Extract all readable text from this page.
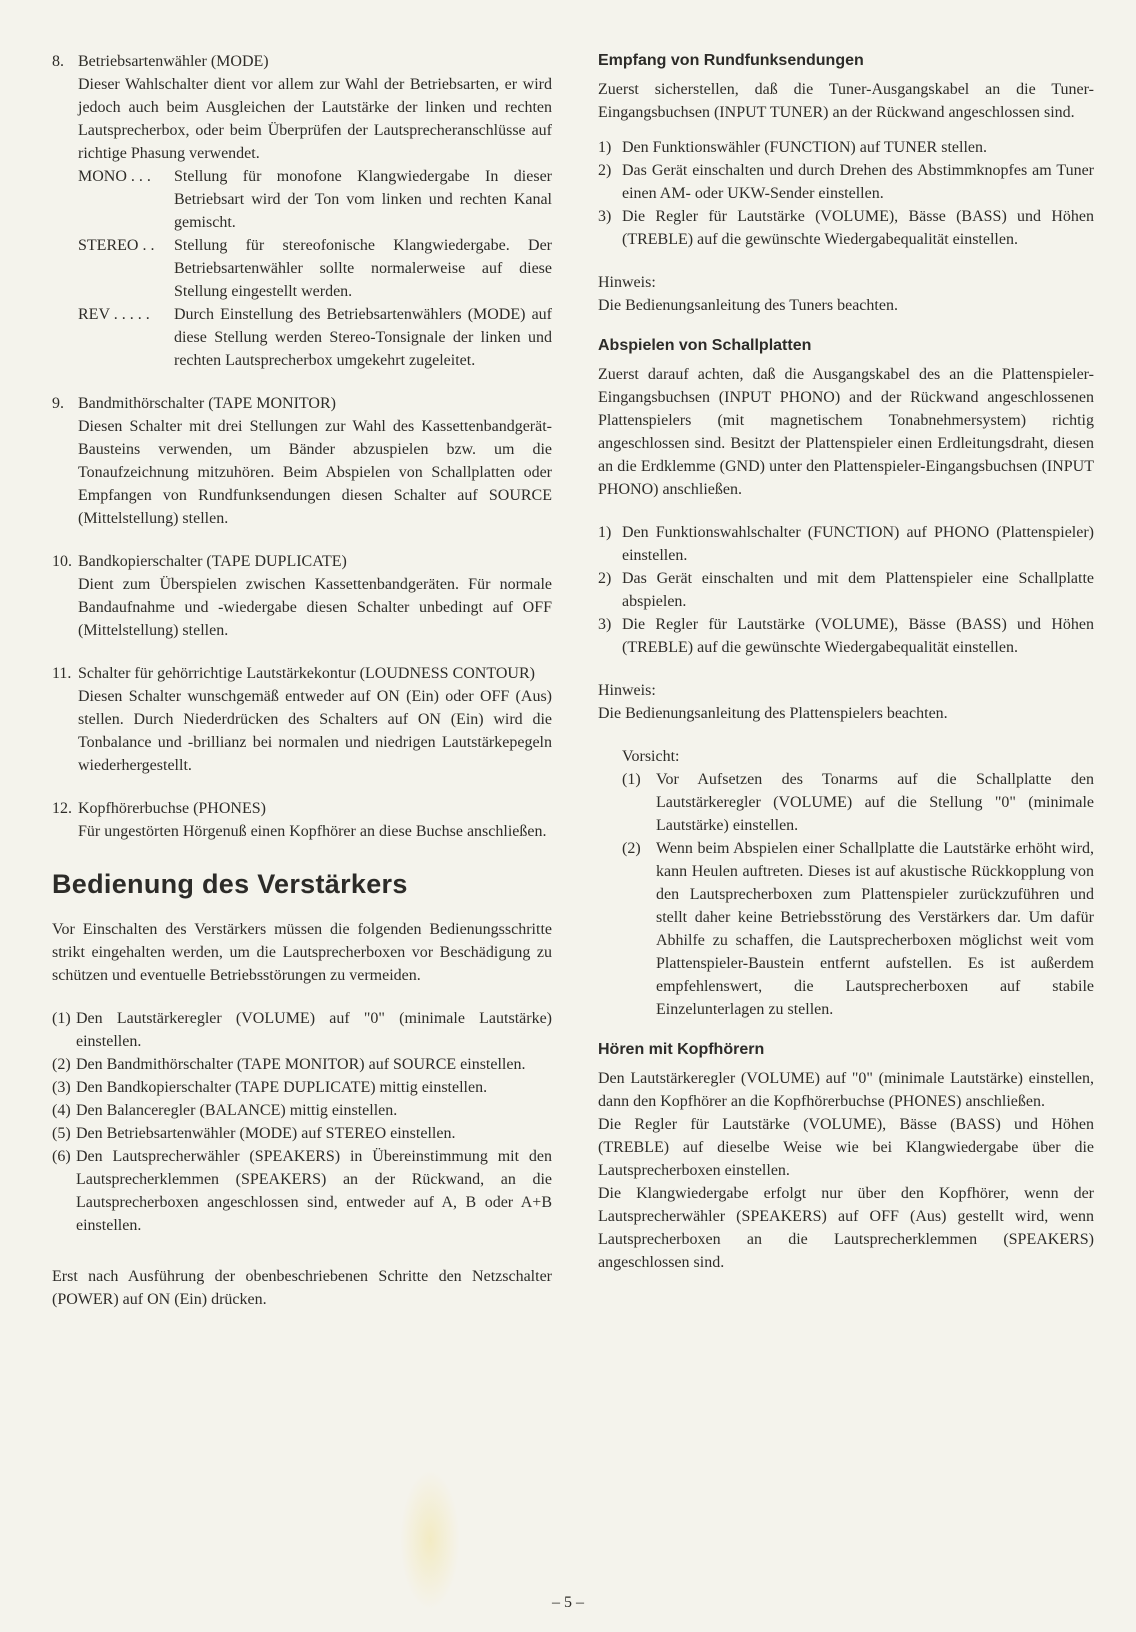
8. Betriebsartenwähler (MODE)
Dieser Wahlschalter dient vor allem zur Wahl der Betriebsarten, er wird jedoch auch beim Ausgleichen der Lautstärke der linken und rechten Lautsprecherbox, oder beim Überprüfen der Lautsprecheranschlüsse auf richtige Phasung verwendet.
MONO . . .	Stellung für monofone Klangwiedergabe In dieser Betriebsart wird der Ton vom linken und rechten Kanal gemischt.
STEREO . .	Stellung für stereofonische Klangwiedergabe. Der Betriebsartenwähler sollte normalerweise auf diese Stellung eingestellt werden.
REV . . . . .	Durch Einstellung des Betriebsartenwählers (MODE) auf diese Stellung werden Stereo-Tonsignale der linken und rechten Lautsprecherbox umgekehrt zugeleitet.
9. Bandmithörschalter (TAPE MONITOR)
Diesen Schalter mit drei Stellungen zur Wahl des Kassettenbandgerät-Bausteins verwenden, um Bänder abzuspielen bzw. um die Tonaufzeichnung mitzuhören. Beim Abspielen von Schallplatten oder Empfangen von Rundfunksendungen diesen Schalter auf SOURCE (Mittelstellung) stellen.
10. Bandkopierschalter (TAPE DUPLICATE)
Dient zum Überspielen zwischen Kassettenbandgeräten. Für normale Bandaufnahme und -wiedergabe diesen Schalter unbedingt auf OFF (Mittelstellung) stellen.
11. Schalter für gehörrichtige Lautstärkekontur (LOUDNESS CONTOUR)
Diesen Schalter wunschgemäß entweder auf ON (Ein) oder OFF (Aus) stellen. Durch Niederdrücken des Schalters auf ON (Ein) wird die Tonbalance und -brillianz bei normalen und niedrigen Lautstärkepegeln wiederhergestellt.
12. Kopfhörerbuchse (PHONES)
Für ungestörten Hörgenuß einen Kopfhörer an diese Buchse anschließen.
Bedienung des Verstärkers

Vor Einschalten des Verstärkers müssen die folgenden Bedienungsschritte strikt eingehalten werden, um die Lautsprecherboxen vor Beschädigung zu schützen und eventuelle Betriebsstörungen zu vermeiden.

(1) Den Lautstärkeregler (VOLUME) auf "0" (minimale Lautstärke) einstellen.
(2) Den Bandmithörschalter (TAPE MONITOR) auf SOURCE einstellen.
(3) Den Bandkopierschalter (TAPE DUPLICATE) mittig einstellen.
(4) Den Balanceregler (BALANCE) mittig einstellen.
(5) Den Betriebsartenwähler (MODE) auf STEREO einstellen.
(6) Den Lautsprecherwähler (SPEAKERS) in Übereinstimmung mit den Lautsprecherklemmen (SPEAKERS) an der Rückwand, an die Lautsprecherboxen angeschlossen sind, entweder auf A, B oder A+B einstellen.

Erst nach Ausführung der obenbeschriebenen Schritte den Netzschalter (POWER) auf ON (Ein) drücken.

Empfang von Rundfunksendungen

Zuerst sicherstellen, daß die Tuner-Ausgangskabel an die Tuner-Eingangsbuchsen (INPUT TUNER) an der Rückwand angeschlossen sind.

1) Den Funktionswähler (FUNCTION) auf TUNER stellen.
2) Das Gerät einschalten und durch Drehen des Abstimmknopfes am Tuner einen AM- oder UKW-Sender einstellen.
3) Die Regler für Lautstärke (VOLUME), Bässe (BASS) und Höhen (TREBLE) auf die gewünschte Wiedergabequalität einstellen.

Hinweis:

Die Bedienungsanleitung des Tuners beachten.

Abspielen von Schallplatten

Zuerst darauf achten, daß die Ausgangskabel des an die Plattenspieler-Eingangsbuchsen (INPUT PHONO) and der Rückwand angeschlossenen Plattenspielers (mit magnetischem Tonabnehmersystem) richtig angeschlossen sind. Besitzt der Plattenspieler einen Erdleitungsdraht, diesen an die Erdklemme (GND) unter den Plattenspieler-Eingangsbuchsen (INPUT PHONO) anschließen.

1) Den Funktionswahlschalter (FUNCTION) auf PHONO (Plattenspieler) einstellen.
2) Das Gerät einschalten und mit dem Plattenspieler eine Schallplatte abspielen.
3) Die Regler für Lautstärke (VOLUME), Bässe (BASS) und Höhen (TREBLE) auf die gewünschte Wiedergabequalität einstellen.

Hinweis:

Die Bedienungsanleitung des Plattenspielers beachten.

Vorsicht:

(1) Vor Aufsetzen des Tonarms auf die Schallplatte den Lautstärkeregler (VOLUME) auf die Stellung "0" (minimale Lautstärke) einstellen.
(2) Wenn beim Abspielen einer Schallplatte die Lautstärke erhöht wird, kann Heulen auftreten. Dieses ist auf akustische Rückkopplung von den Lautsprecherboxen zum Plattenspieler zurückzuführen und stellt daher keine Betriebsstörung des Verstärkers dar. Um dafür Abhilfe zu schaffen, die Lautsprecherboxen möglichst weit vom Plattenspieler-Baustein entfernt aufstellen. Es ist außerdem empfehlenswert, die Lautsprecherboxen auf stabile Einzelunterlagen zu stellen.
Hören mit Kopfhörern

Den Lautstärkeregler (VOLUME) auf "0" (minimale Lautstärke) einstellen, dann den Kopfhörer an die Kopfhörerbuchse (PHONES) anschließen.

Die Regler für Lautstärke (VOLUME), Bässe (BASS) und Höhen (TREBLE) auf dieselbe Weise wie bei Klangwiedergabe über die Lautsprecherboxen einstellen.

Die Klangwiedergabe erfolgt nur über den Kopfhörer, wenn der Lautsprecherwähler (SPEAKERS) auf OFF (Aus) gestellt wird, wenn Lautsprecherboxen an die Lautsprecherklemmen (SPEAKERS) angeschlossen sind.

– 5 –
